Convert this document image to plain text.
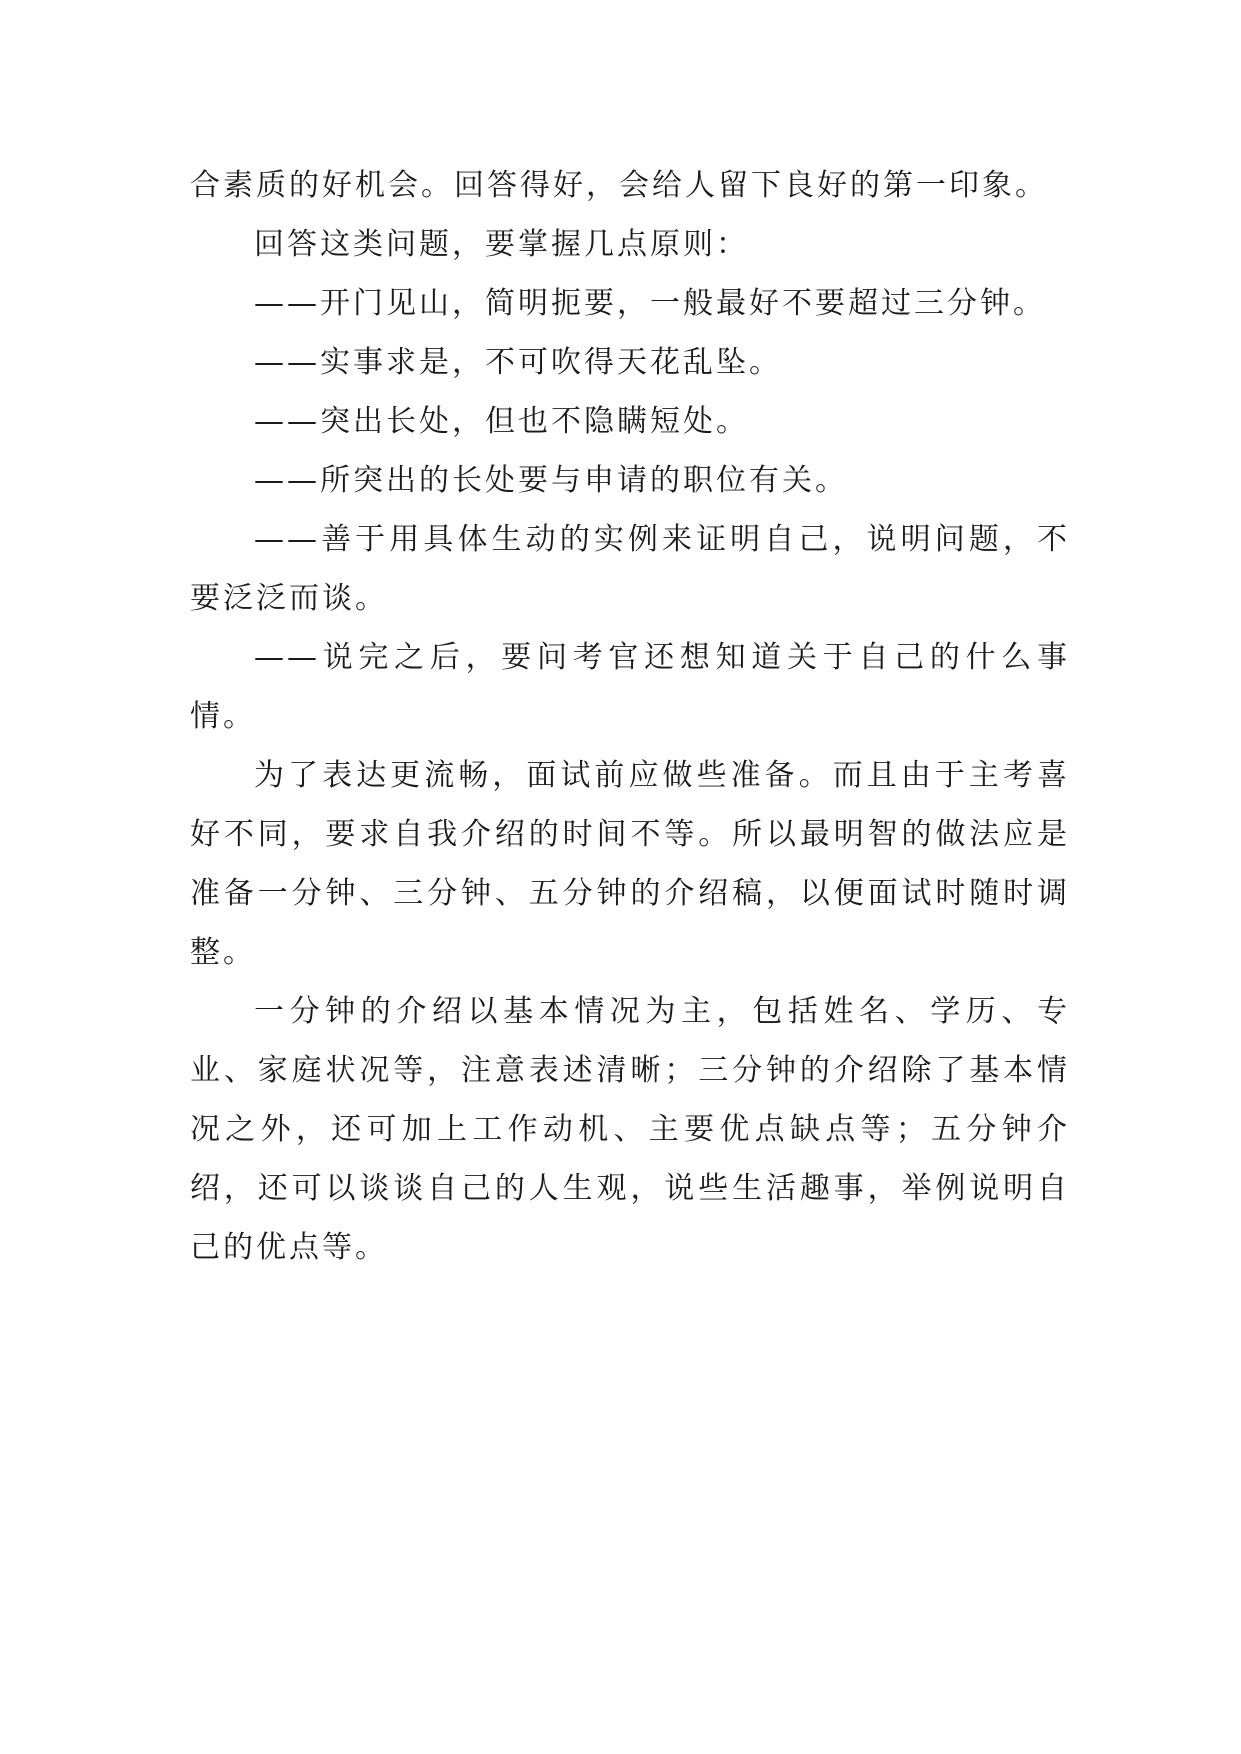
合素质的好机会。回答得好，会给人留下良好的第一印象。

回答这类问题，要掌握几点原则：

——开门见山，简明扼要，一般最好不要超过三分钟。

——实事求是，不可吹得天花乱坠。

——突出长处，但也不隐瞒短处。

——所突出的长处要与申请的职位有关。

——善于用具体生动的实例来证明自己，说明问题，不要泛泛而谈。

——说完之后，要问考官还想知道关于自己的什么事情。

为了表达更流畅，面试前应做些准备。而且由于主考喜好不同，要求自我介绍的时间不等。所以最明智的做法应是准备一分钟、三分钟、五分钟的介绍稿，以便面试时随时调整。

一分钟的介绍以基本情况为主，包括姓名、学历、专业、家庭状况等，注意表述清晰；三分钟的介绍除了基本情况之外，还可加上工作动机、主要优点缺点等；五分钟介绍，还可以谈谈自己的人生观，说些生活趣事，举例说明自己的优点等。
